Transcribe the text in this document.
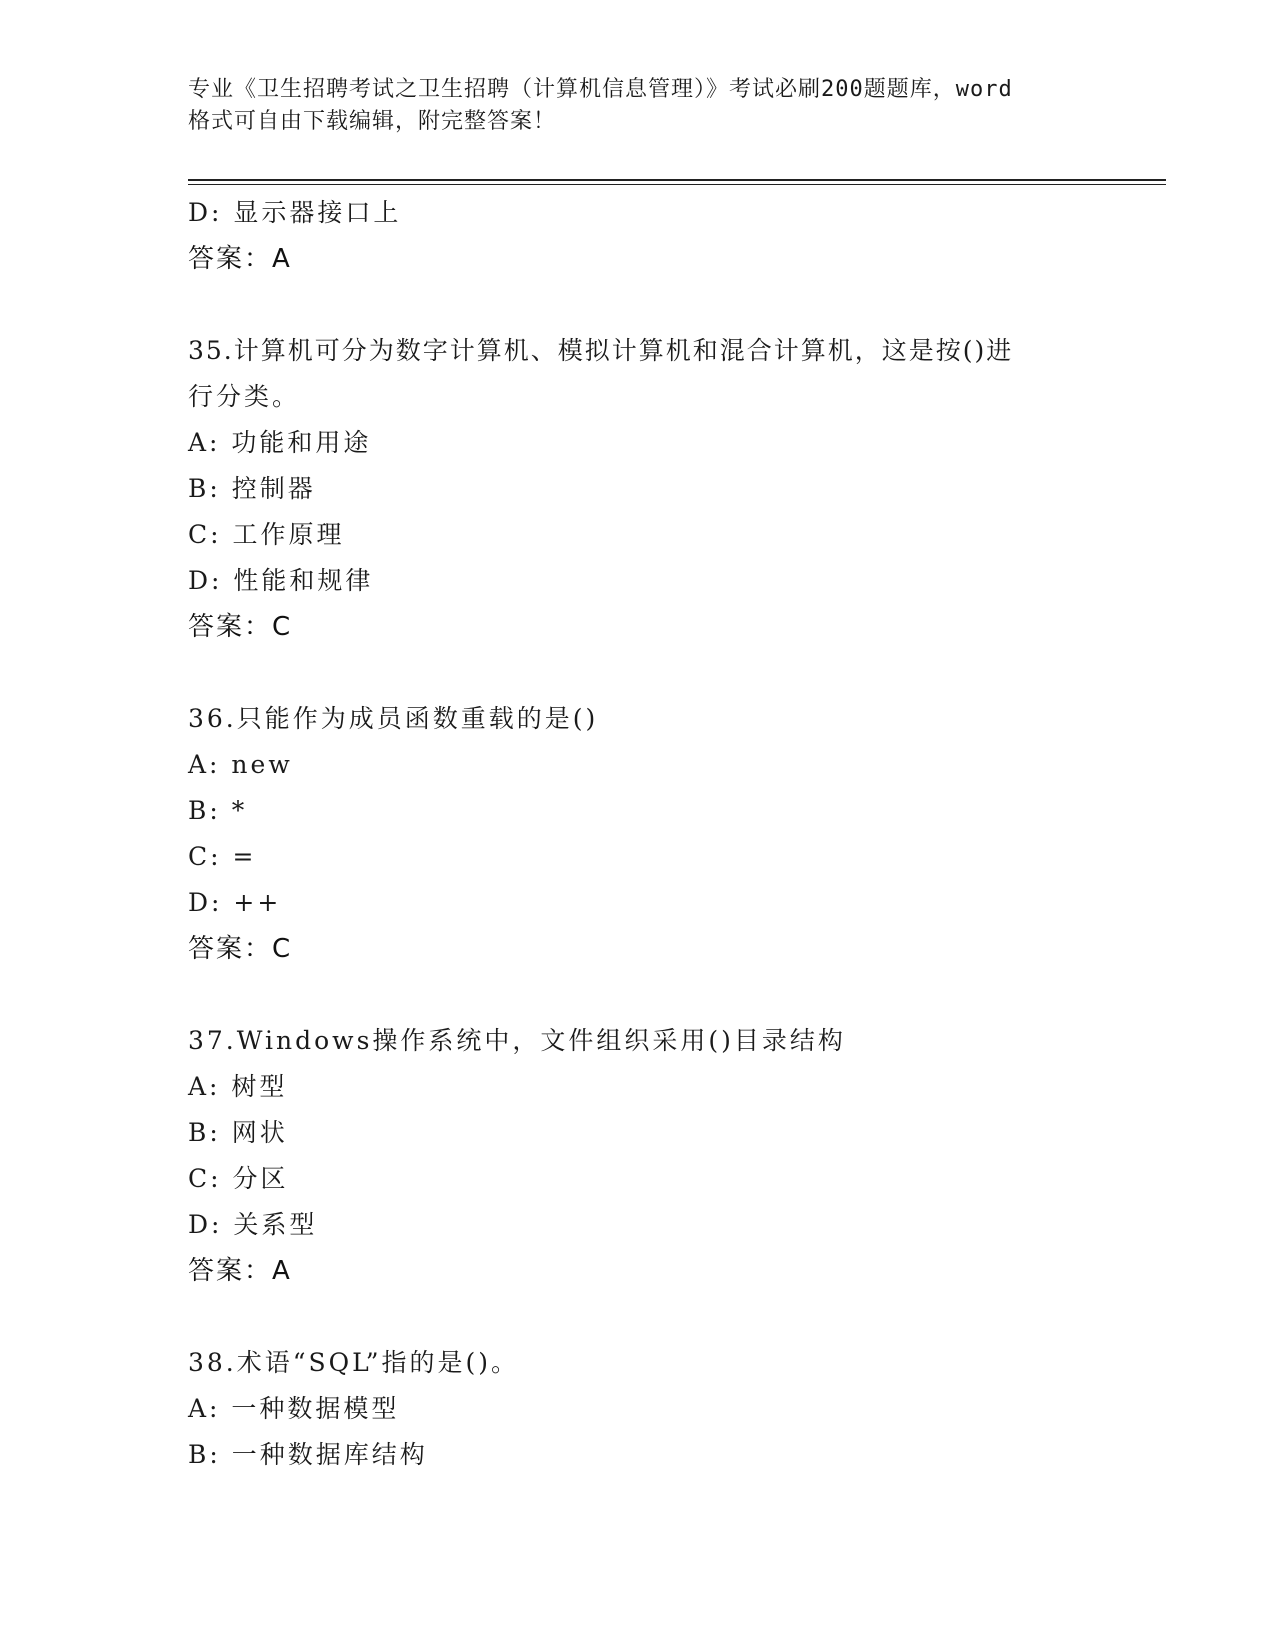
专业《卫生招聘考试之卫生招聘（计算机信息管理）》考试必刷200题题库，word
格式可自由下载编辑，附完整答案！
D: 显示器接口上
答案：A
35.计算机可分为数字计算机、模拟计算机和混合计算机，这是按()进
行分类。
A: 功能和用途
B: 控制器
C: 工作原理
D: 性能和规律
答案：C
36.只能作为成员函数重载的是()
A: new
B: *
C: =
D: ++
答案：C
37.Windows操作系统中，文件组织采用()目录结构
A: 树型
B: 网状
C: 分区
D: 关系型
答案：A
38.术语“SQL”指的是()。
A: 一种数据模型
B: 一种数据库结构
